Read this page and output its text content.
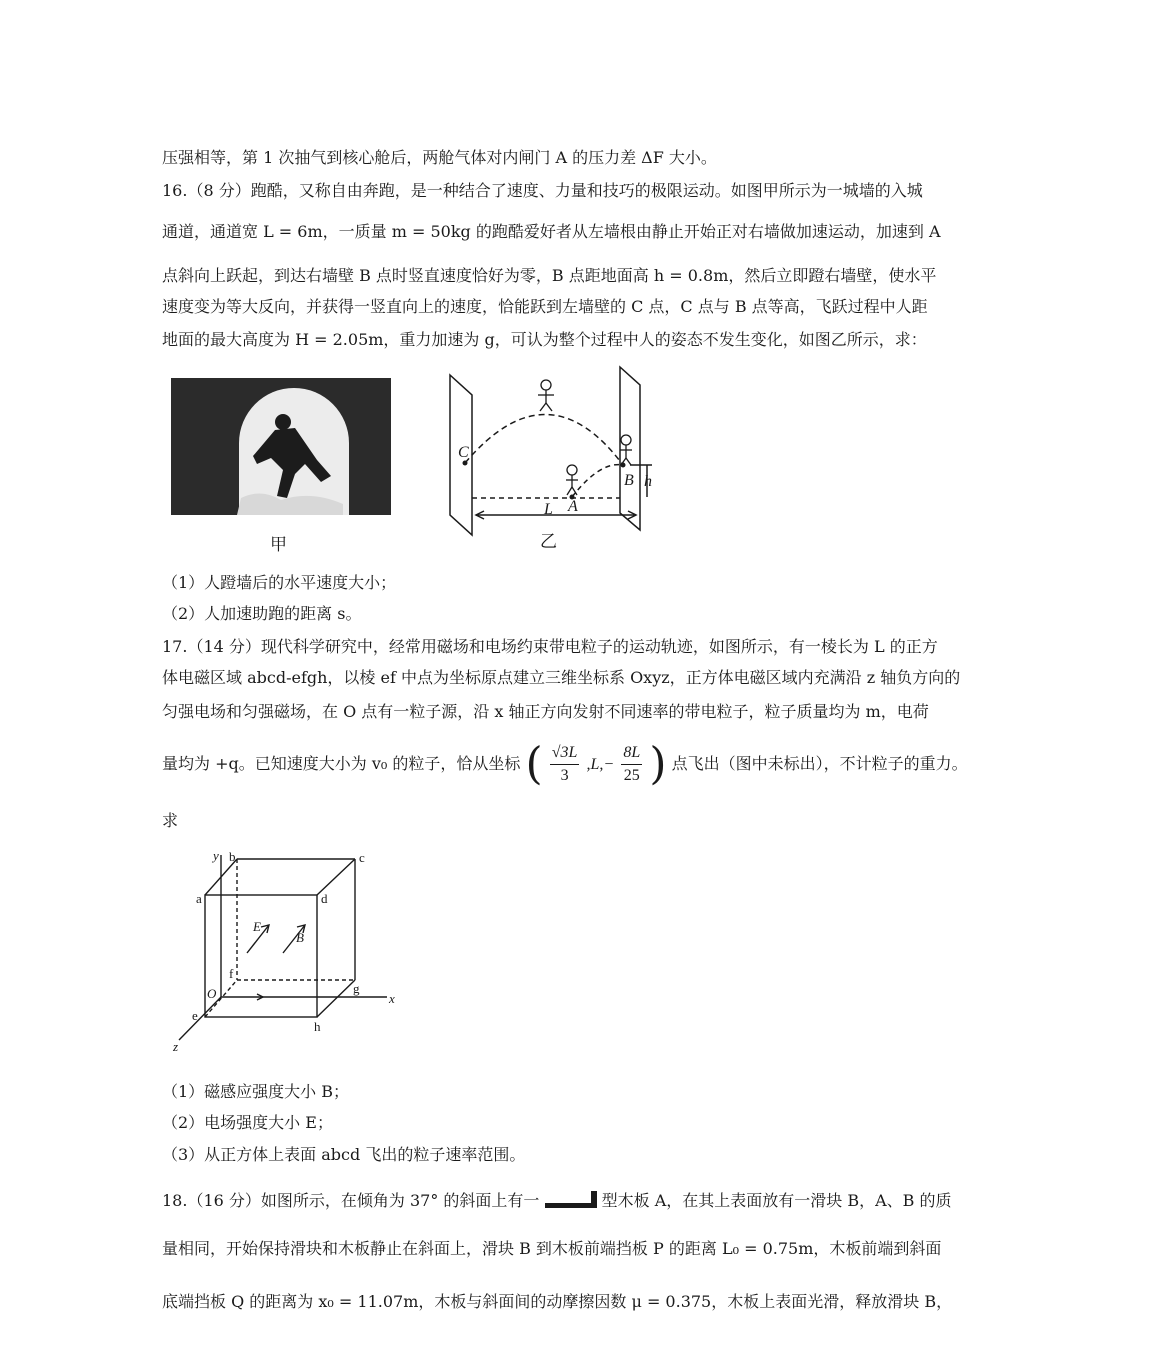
压强相等，第 1 次抽气到核心舱后，两舱气体对内闸门 A 的压力差 ΔF 大小。
16.（8 分）跑酷，又称自由奔跑，是一种结合了速度、力量和技巧的极限运动。如图甲所示为一城墙的入城
通道，通道宽 L = 6m，一质量 m = 50kg 的跑酷爱好者从左墙根由静止开始正对右墙做加速运动，加速到 A
点斜向上跃起，到达右墙壁 B 点时竖直速度恰好为零，B 点距地面高 h = 0.8m，然后立即蹬右墙壁，使水平
速度变为等大反向，并获得一竖直向上的速度，恰能跃到左墙壁的 C 点，C 点与 B 点等高，飞跃过程中人距
地面的最大高度为 H = 2.05m，重力加速为 g，可认为整个过程中人的姿态不发生变化，如图乙所示，求：
甲
C
B
A
h
L
乙
（1）人蹬墙后的水平速度大小；
（2）人加速助跑的距离 s。
17.（14 分）现代科学研究中，经常用磁场和电场约束带电粒子的运动轨迹，如图所示，有一棱长为 L 的正方
体电磁区域 abcd-efgh，以棱 ef 中点为坐标原点建立三维坐标系 Oxyz，正方体电磁区域内充满沿 z 轴负方向的
匀强电场和匀强磁场，在 O 点有一粒子源，沿 x 轴正方向发射不同速率的带电粒子，粒子质量均为 m，电荷
量均为 +q。已知速度大小为 v₀ 的粒子，恰从坐标 ( $\frac{√3L}{3} ,L,- \frac{8L}{25}$ ) 点飞出（图中未标出），不计粒子的重力。
求
a
b	c
d
e
f
g
h
O	x
y
z
E
B
（1）磁感应强度大小 B；
（2）电场强度大小 E；
（3）从正方体上表面 abcd 飞出的粒子速率范围。
18.（16 分）如图所示，在倾角为 37° 的斜面上有一	型木板 A，在其上表面放有一滑块 B，A、B 的质
量相同，开始保持滑块和木板静止在斜面上，滑块 B 到木板前端挡板 P 的距离 L₀ = 0.75m，木板前端到斜面
底端挡板 Q 的距离为 x₀ = 11.07m，木板与斜面间的动摩擦因数 μ = 0.375，木板上表面光滑，释放滑块 B，
